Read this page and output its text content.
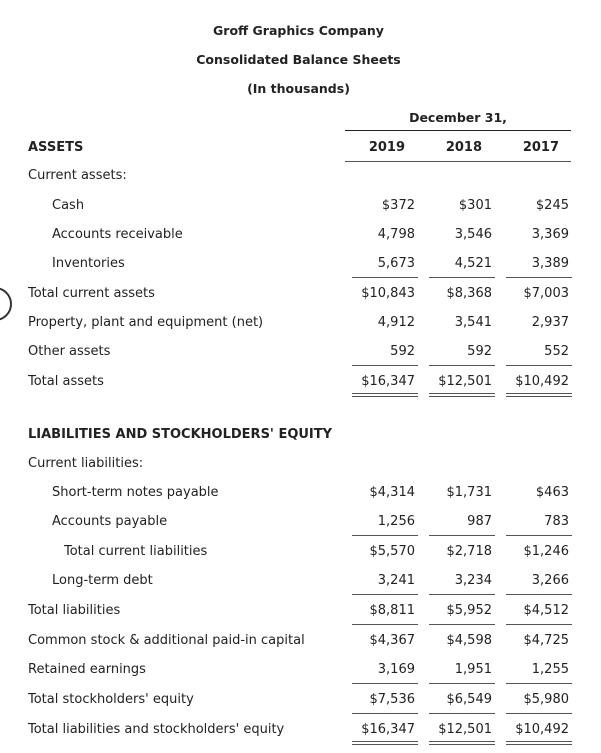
Groff Graphics Company
Consolidated Balance Sheets
(In thousands)
December 31,
ASSETS	2019	2018	2017
Current assets:
Cash	$372	$301	$245
Accounts receivable	4,798	3,546	3,369
Inventories	5,673	4,521	3,389
Total current assets	$10,843	$8,368	$7,003
Property, plant and equipment (net)	4,912	3,541	2,937
Other assets	592	592	552
Total assets	$16,347	$12,501	$10,492
LIABILITIES AND STOCKHOLDERS' EQUITY
Current liabilities:
Short-term notes payable	$4,314	$1,731	$463
Accounts payable	1,256	987	783
Total current liabilities	$5,570	$2,718	$1,246
Long-term debt	3,241	3,234	3,266
Total liabilities	$8,811	$5,952	$4,512
Common stock & additional paid-in capital	$4,367	$4,598	$4,725
Retained earnings	3,169	1,951	1,255
Total stockholders' equity	$7,536	$6,549	$5,980
Total liabilities and stockholders' equity	$16,347	$12,501	$10,492
